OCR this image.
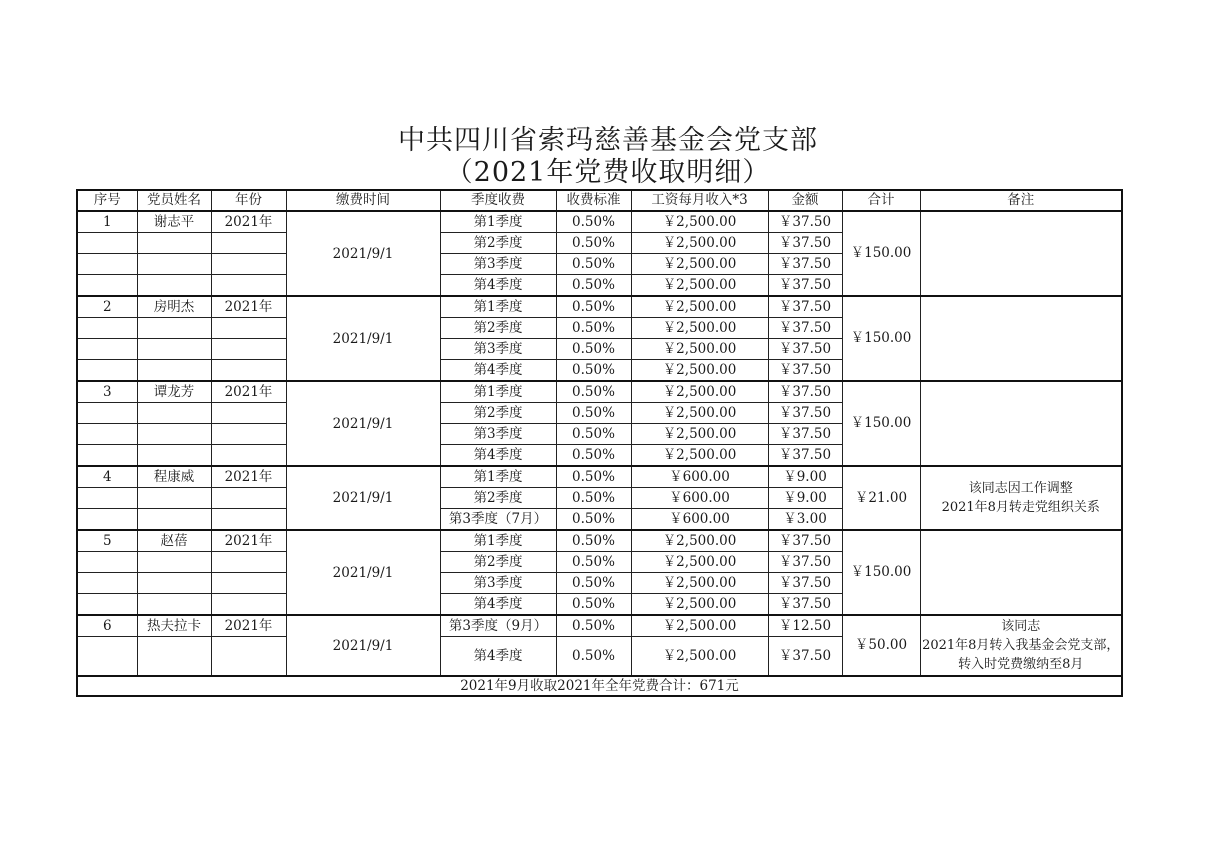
中共四川省索玛慈善基金会党支部
（2021年党费收取明细）
序号	党员姓名	年份	缴费时间	季度收费	收费标准	工资每月收入*3	金额	合计	备注
1	谢志平	2021年	2021/9/1	第1季度	0.50%	￥2,500.00	￥37.50	￥150.00	
				第2季度	0.50%	￥2,500.00	￥37.50		
				第3季度	0.50%	￥2,500.00	￥37.50		
				第4季度	0.50%	￥2,500.00	￥37.50		
2	房明杰	2021年	2021/9/1	第1季度	0.50%	￥2,500.00	￥37.50	￥150.00	
				第2季度	0.50%	￥2,500.00	￥37.50		
				第3季度	0.50%	￥2,500.00	￥37.50		
				第4季度	0.50%	￥2,500.00	￥37.50		
3	谭龙芳	2021年	2021/9/1	第1季度	0.50%	￥2,500.00	￥37.50	￥150.00	
				第2季度	0.50%	￥2,500.00	￥37.50		
				第3季度	0.50%	￥2,500.00	￥37.50		
				第4季度	0.50%	￥2,500.00	￥37.50		
4	程康威	2021年	2021/9/1	第1季度	0.50%	￥600.00	￥9.00	￥21.00	该同志因工作调整
2021年8月转走党组织关系
				第2季度	0.50%	￥600.00	￥9.00		
				第3季度（7月）	0.50%	￥600.00	￥3.00		
5	赵蓓	2021年	2021/9/1	第1季度	0.50%	￥2,500.00	￥37.50	￥150.00	
				第2季度	0.50%	￥2,500.00	￥37.50		
				第3季度	0.50%	￥2,500.00	￥37.50		
				第4季度	0.50%	￥2,500.00	￥37.50		
6	热夫拉卡	2021年	2021/9/1	第3季度（9月）	0.50%	￥2,500.00	￥12.50	￥50.00	该同志
2021年8月转入我基金会党支部，转入时党费缴纳至8月
				第4季度	0.50%	￥2,500.00	￥37.50		
2021年9月收取2021年全年党费合计：671元									
